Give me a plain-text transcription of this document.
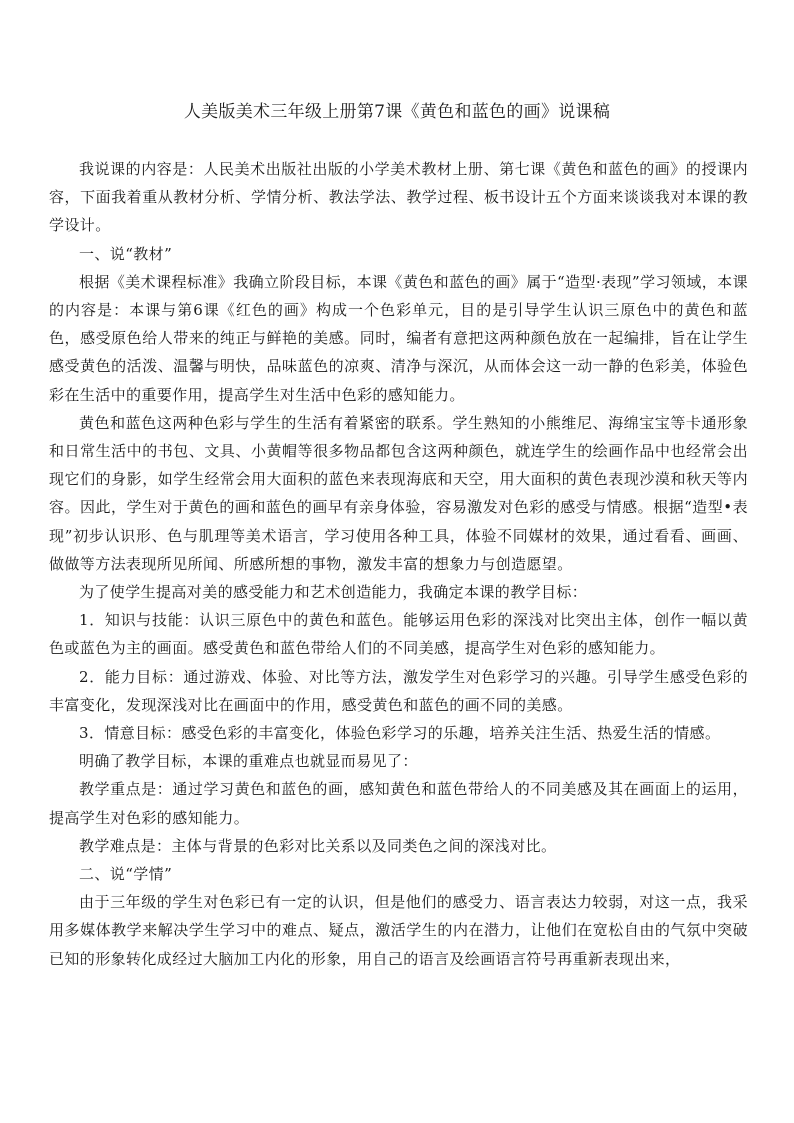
人美版美术三年级上册第7课《黄色和蓝色的画》说课稿

我说课的内容是：人民美术出版社出版的小学美术教材上册、第七课《黄色和蓝色的画》的授课内容，下面我着重从教材分析、学情分析、教法学法、教学过程、板书设计五个方面来谈谈我对本课的教学设计。

一、说“教材”

根据《美术课程标准》我确立阶段目标，本课《黄色和蓝色的画》属于“造型·表现”学习领域，本课的内容是：本课与第6课《红色的画》构成一个色彩单元，目的是引导学生认识三原色中的黄色和蓝色，感受原色给人带来的纯正与鲜艳的美感。同时，编者有意把这两种颜色放在一起编排，旨在让学生感受黄色的活泼、温馨与明快，品味蓝色的凉爽、清净与深沉，从而体会这一动一静的色彩美，体验色彩在生活中的重要作用，提高学生对生活中色彩的感知能力。

黄色和蓝色这两种色彩与学生的生活有着紧密的联系。学生熟知的小熊维尼、海绵宝宝等卡通形象和日常生活中的书包、文具、小黄帽等很多物品都包含这两种颜色，就连学生的绘画作品中也经常会出现它们的身影，如学生经常会用大面积的蓝色来表现海底和天空，用大面积的黄色表现沙漠和秋天等内容。因此，学生对于黄色的画和蓝色的画早有亲身体验，容易激发对色彩的感受与情感。根据“造型•表现”初步认识形、色与肌理等美术语言，学习使用各种工具，体验不同媒材的效果，通过看看、画画、做做等方法表现所见所闻、所感所想的事物，激发丰富的想象力与创造愿望。

为了使学生提高对美的感受能力和艺术创造能力，我确定本课的教学目标：

1．知识与技能：认识三原色中的黄色和蓝色。能够运用色彩的深浅对比突出主体，创作一幅以黄色或蓝色为主的画面。感受黄色和蓝色带给人们的不同美感，提高学生对色彩的感知能力。

2．能力目标：通过游戏、体验、对比等方法，激发学生对色彩学习的兴趣。引导学生感受色彩的丰富变化，发现深浅对比在画面中的作用，感受黄色和蓝色的画不同的美感。

3．情意目标：感受色彩的丰富变化，体验色彩学习的乐趣，培养关注生活、热爱生活的情感。

明确了教学目标，本课的重难点也就显而易见了：

教学重点是：通过学习黄色和蓝色的画，感知黄色和蓝色带给人的不同美感及其在画面上的运用，提高学生对色彩的感知能力。

教学难点是：主体与背景的色彩对比关系以及同类色之间的深浅对比。

二、说“学情”

由于三年级的学生对色彩已有一定的认识，但是他们的感受力、语言表达力较弱，对这一点，我采用多媒体教学来解决学生学习中的难点、疑点，激活学生的内在潜力，让他们在宽松自由的气氛中突破已知的形象转化成经过大脑加工内化的形象，用自己的语言及绘画语言符号再重新表现出来，
